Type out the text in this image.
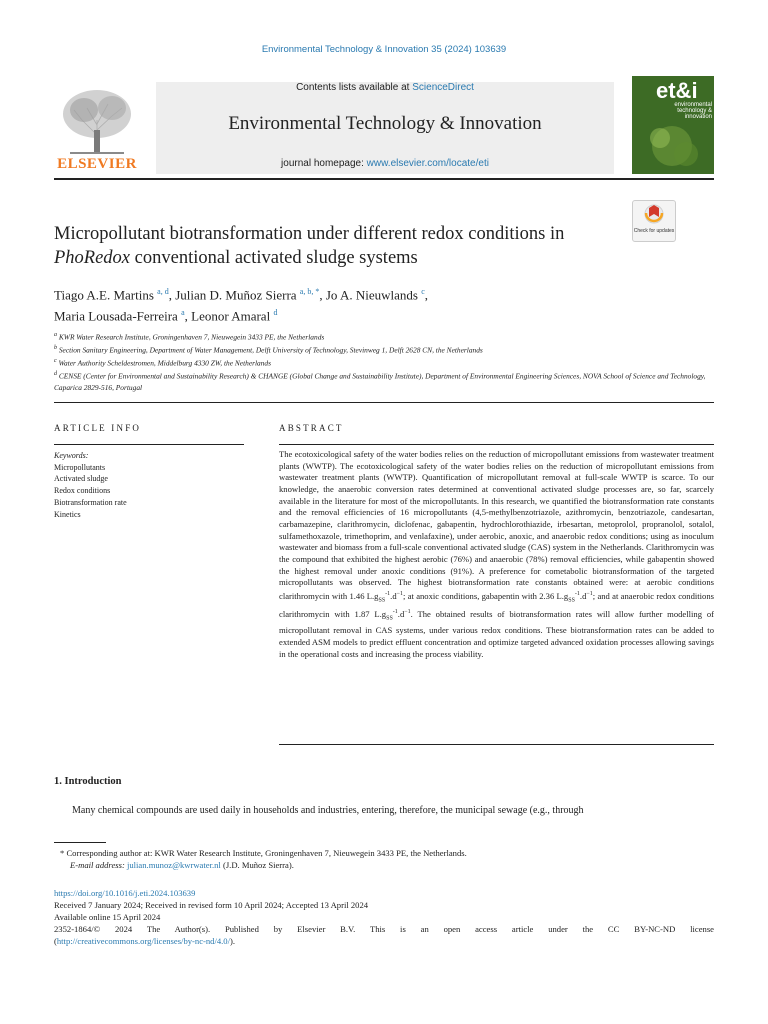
Environmental Technology & Innovation 35 (2024) 103639
ELSEVIER
Contents lists available at ScienceDirect
Environmental Technology & Innovation
journal homepage: www.elsevier.com/locate/eti
et&i
environmental technology & innovation
Check for updates
Micropollutant biotransformation under different redox conditions in PhoRedox conventional activated sludge systems
Tiago A.E. Martins $^{a, d}$, Julian D. Muñoz Sierra $^{a, b, *}$, Jo A. Nieuwlands $^c$,
Maria Lousada-Ferreira $^a$, Leonor Amaral $^d$
$^a$ KWR Water Research Institute, Groningenhaven 7, Nieuwegein 3433 PE, the Netherlands
$^b$ Section Sanitary Engineering, Department of Water Management, Delft University of Technology, Stevinweg 1, Delft 2628 CN, the Netherlands
$^c$ Water Authority Scheldestromen, Middelburg 4330 ZW, the Netherlands
$^d$ CENSE (Center for Environmental and Sustainability Research) & CHANGE (Global Change and Sustainability Institute), Department of Environmental Engineering Sciences, NOVA School of Science and Technology, Caparica 2829-516, Portugal
ARTICLE INFO
Keywords:
Micropollutants
Activated sludge
Redox conditions
Biotransformation rate
Kinetics
ABSTRACT
The ecotoxicological safety of the water bodies relies on the reduction of micropollutant emissions from wastewater treatment plants (WWTP). The ecotoxicological safety of the water bodies relies on the reduction of micropollutant emissions from wastewater treatment plants (WWTP). Quantification of micropollutant removal at full-scale WWTP is scarce. To our knowledge, the anaerobic conversion rates determined at conventional activated sludge processes are, so far, scarcely available in the literature for most of the micropollutants. In this research, we quantified the biotransformation rate constants and the removal efficiencies of 16 micropollutants (4,5-methylbenzotriazole, azithromycin, benzotriazole, candesartan, carbamazepine, clarithromycin, diclofenac, gabapentin, hydrochlorothiazide, irbesartan, metoprolol, propranolol, sotalol, sulfamethoxazole, trimethoprim, and venlafaxine), under aerobic, anoxic, and anaerobic redox conditions; using as inoculum wastewater and biomass from a full-scale conventional activated sludge (CAS) system in the Netherlands. Clarithromycin was the compound that exhibited the highest aerobic (76%) and anaerobic (78%) removal efficiencies, while gabapentin showed the highest removal under anoxic conditions (91%). A preference for cometabolic biotransformation of the targeted micropollutants was observed. The highest biotransformation rate constants obtained were: at aerobic conditions clarithromycin with 1.46 $L.g_{SS}^{-1}.d^{-1}$; at anoxic conditions, gabapentin with 2.36 $L.g_{SS}^{-1}.d^{-1}$; and at anaerobic redox conditions clarithromycin with 1.87 $L.g_{SS}^{-1}.d^{-1}$. The obtained results of biotransformation rates will allow further modelling of micropollutant removal in CAS systems, under various redox conditions. These biotransformation rates can be added to extended ASM models to predict effluent concentration and optimize targeted advanced oxidation processes allowing savings in the operational costs and increasing the process viability.
1. Introduction
Many chemical compounds are used daily in households and industries, entering, therefore, the municipal sewage (e.g., through
* Corresponding author at: KWR Water Research Institute, Groningenhaven 7, Nieuwegein 3433 PE, the Netherlands.
E-mail address: julian.munoz@kwrwater.nl (J.D. Muñoz Sierra).
https://doi.org/10.1016/j.eti.2024.103639
Received 7 January 2024; Received in revised form 10 April 2024; Accepted 13 April 2024
Available online 15 April 2024
2352-1864/© 2024 The Author(s). Published by Elsevier B.V. This is an open access article under the CC BY-NC-ND license
(http://creativecommons.org/licenses/by-nc-nd/4.0/).
